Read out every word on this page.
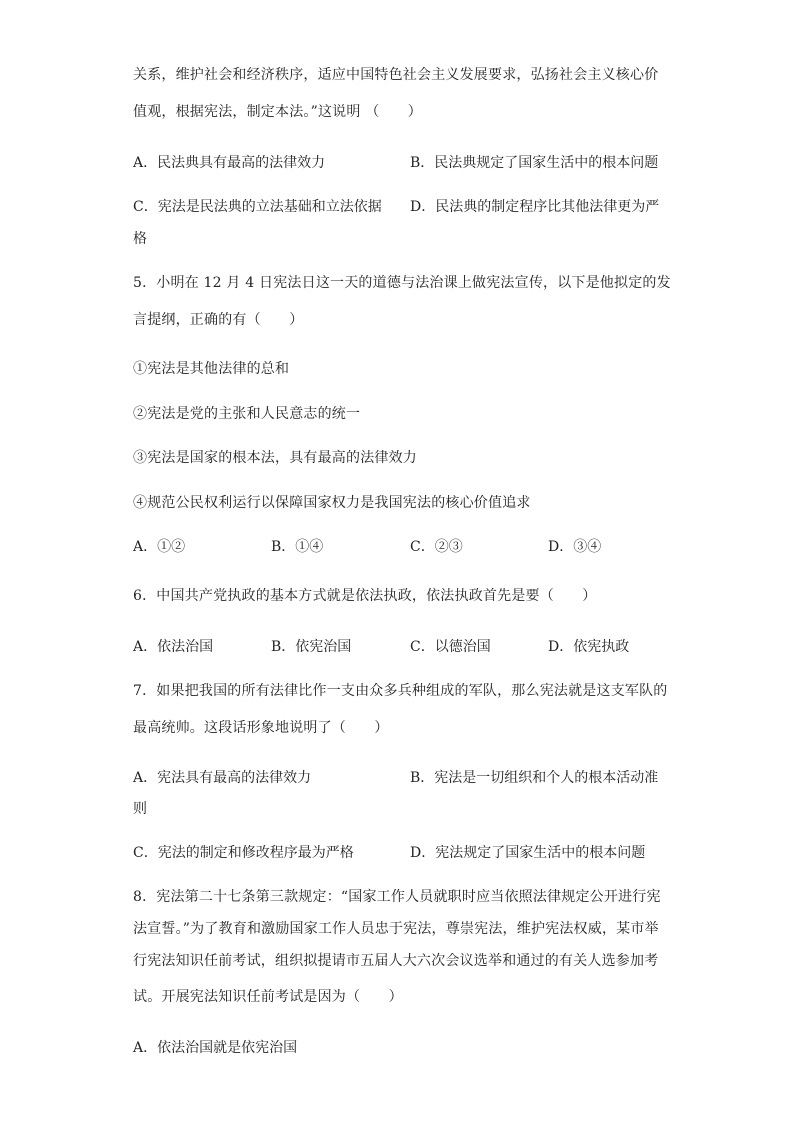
关系，维护社会和经济秩序，适应中国特色社会主义发展要求，弘扬社会主义核心价
值观，根据宪法，制定本法。”这说明 （　　）
A．民法典具有最高的法律效力	B．民法典规定了国家生活中的根本问题
C．宪法是民法典的立法基础和立法依据 D．民法典的制定程序比其他法律更为严
格
5．小明在 12 月 4 日宪法日这一天的道德与法治课上做宪法宣传，以下是他拟定的发
言提纲，正确的有（　　）
①宪法是其他法律的总和
②宪法是党的主张和人民意志的统一
③宪法是国家的根本法，具有最高的法律效力
④规范公民权利运行以保障国家权力是我国宪法的核心价值追求
A．①②	B．①④	C．②③	D．③④
6．中国共产党执政的基本方式就是依法执政，依法执政首先是要（　　）
A．依法治国	B．依宪治国	C．以德治国	D．依宪执政
7．如果把我国的所有法律比作一支由众多兵种组成的军队，那么宪法就是这支军队的
最高统帅。这段话形象地说明了（　　）
A．宪法具有最高的法律效力	B．宪法是一切组织和个人的根本活动准
则
C．宪法的制定和修改程序最为严格	D．宪法规定了国家生活中的根本问题
8．宪法第二十七条第三款规定：“国家工作人员就职时应当依照法律规定公开进行宪
法宣誓。”为了教育和激励国家工作人员忠于宪法，尊崇宪法，维护宪法权威，某市举
行宪法知识任前考试，组织拟提请市五届人大六次会议选举和通过的有关人选参加考
试。开展宪法知识任前考试是因为（　　）
A．依法治国就是依宪治国
